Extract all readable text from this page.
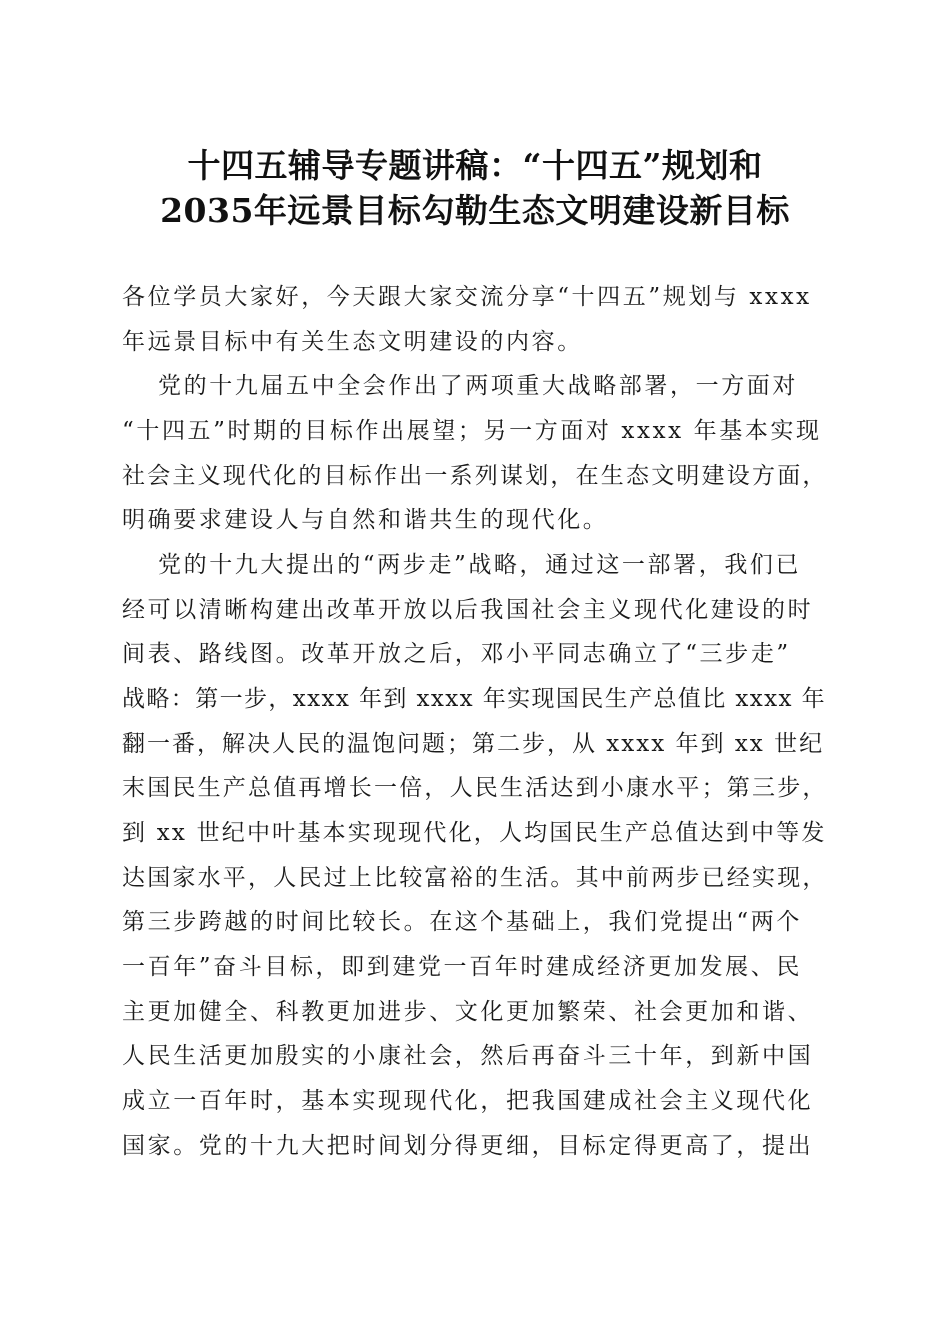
十四五辅导专题讲稿：“十四五”规划和
2035年远景目标勾勒生态文明建设新目标
各位学员大家好，今天跟大家交流分享“十四五”规划与 xxxx
年远景目标中有关生态文明建设的内容。
党的十九届五中全会作出了两项重大战略部署，一方面对
“十四五”时期的目标作出展望；另一方面对 xxxx 年基本实现
社会主义现代化的目标作出一系列谋划，在生态文明建设方面，
明确要求建设人与自然和谐共生的现代化。
党的十九大提出的“两步走”战略，通过这一部署，我们已
经可以清晰构建出改革开放以后我国社会主义现代化建设的时
间表、路线图。改革开放之后，邓小平同志确立了“三步走”
战略：第一步，xxxx 年到 xxxx 年实现国民生产总值比 xxxx 年
翻一番，解决人民的温饱问题；第二步，从 xxxx 年到 xx 世纪
末国民生产总值再增长一倍，人民生活达到小康水平；第三步，
到 xx 世纪中叶基本实现现代化，人均国民生产总值达到中等发
达国家水平，人民过上比较富裕的生活。其中前两步已经实现，
第三步跨越的时间比较长。在这个基础上，我们党提出“两个
一百年”奋斗目标，即到建党一百年时建成经济更加发展、民
主更加健全、科教更加进步、文化更加繁荣、社会更加和谐、
人民生活更加殷实的小康社会，然后再奋斗三十年，到新中国
成立一百年时，基本实现现代化，把我国建成社会主义现代化
国家。党的十九大把时间划分得更细，目标定得更高了，提出
